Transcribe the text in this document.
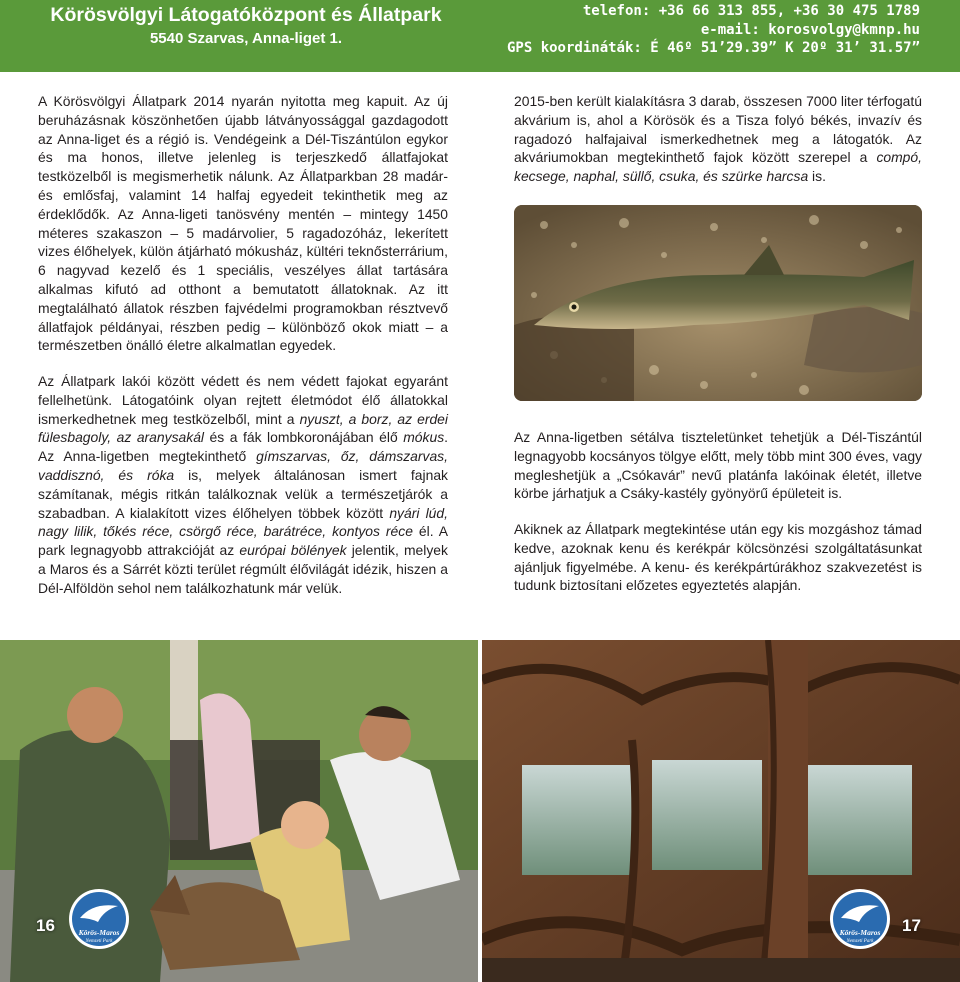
Körösvölgyi Látogatóközpont és Állatpark
5540 Szarvas, Anna-liget 1.
telefon: +36 66 313 855, +36 30 475 1789
e-mail: korosvolgy@kmnp.hu
GPS koordináták: É 46º 51’29.39” K 20º 31’ 31.57”

A Körösvölgyi Állatpark 2014 nyarán nyitotta meg kapuit. Az új beruházásnak köszönhetően újabb látványossággal gazdagodott az Anna-liget és a régió is. Vendégeink a Dél-Tiszántúlon egykor és ma honos, illetve jelenleg is terjeszkedő állatfajokat testközelből is megismerhetik nálunk. Az Állatparkban 28 madár- és emlősfaj, valamint 14 halfaj egyedeit tekinthetik meg az érdeklődők. Az Anna-ligeti tanösvény mentén – mintegy 1450 méteres szakaszon – 5 madárvolier, 5 ragadozóház, lekerített vizes élőhelyek, külön átjárható mókusház, kültéri teknősterrárium, 6 nagyvad kezelő és 1 speciális, veszélyes állat tartására alkalmas kifutó ad otthont a bemutatott állatoknak. Az itt megtalálható állatok részben fajvédelmi programokban résztvevő állatfajok példányai, részben pedig – különböző okok miatt – a természetben önálló életre alkalmatlan egyedek.

Az Állatpark lakói között védett és nem védett fajokat egyaránt fellelhetünk. Látogatóink olyan rejtett életmódot élő állatokkal ismerkedhetnek meg testközelből, mint a nyuszt, a borz, az erdei fülesbagoly, az aranysakál és a fák lombkoronájában élő mókus. Az Anna-ligetben megtekinthető gímszarvas, őz, dámszarvas, vaddisznó, és róka is, melyek általánosan ismert fajnak számítanak, mégis ritkán találkoznak velük a természetjárók a szabadban. A kialakított vizes élőhelyen többek között nyári lúd, nagy lilik, tőkés réce, csörgő réce, barátréce, kontyos réce él. A park legnagyobb attrakcióját az európai bölények jelentik, melyek a Maros és a Sárrét közti terület régmúlt élővilágát idézik, hiszen a Dél-Alföldön sehol nem találkozhatunk már velük.

2015-ben került kialakításra 3 darab, összesen 7000 liter térfogatú akvárium is, ahol a Körösök és a Tisza folyó békés, invazív és ragadozó halfajaival ismerkedhetnek meg a látogatók. Az akváriumokban megtekinthető fajok között szerepel a compó, kecsege, naphal, süllő, csuka, és szürke harcsa is.

Az Anna-ligetben sétálva tiszteletünket tehetjük a Dél-Tiszántúl legnagyobb kocsányos tölgye előtt, mely több mint 300 éves, vagy megleshetjük a „Csókavár” nevű platánfa lakóinak életét, illetve körbe járhatjuk a Csáky-kastély gyönyörű épületeit is.

Akiknek az Állatpark megtekintése után egy kis mozgáshoz támad kedve, azoknak kenu és kerékpár kölcsönzési szolgáltatásunkat ajánljuk figyelmébe. A kenu- és kerékpártúrákhoz szakvezetést is tudunk biztosítani előzetes egyeztetés alapján.

Körös-Maros
Nemzeti Park
16	Körös-Maros
Nemzeti Park
17
